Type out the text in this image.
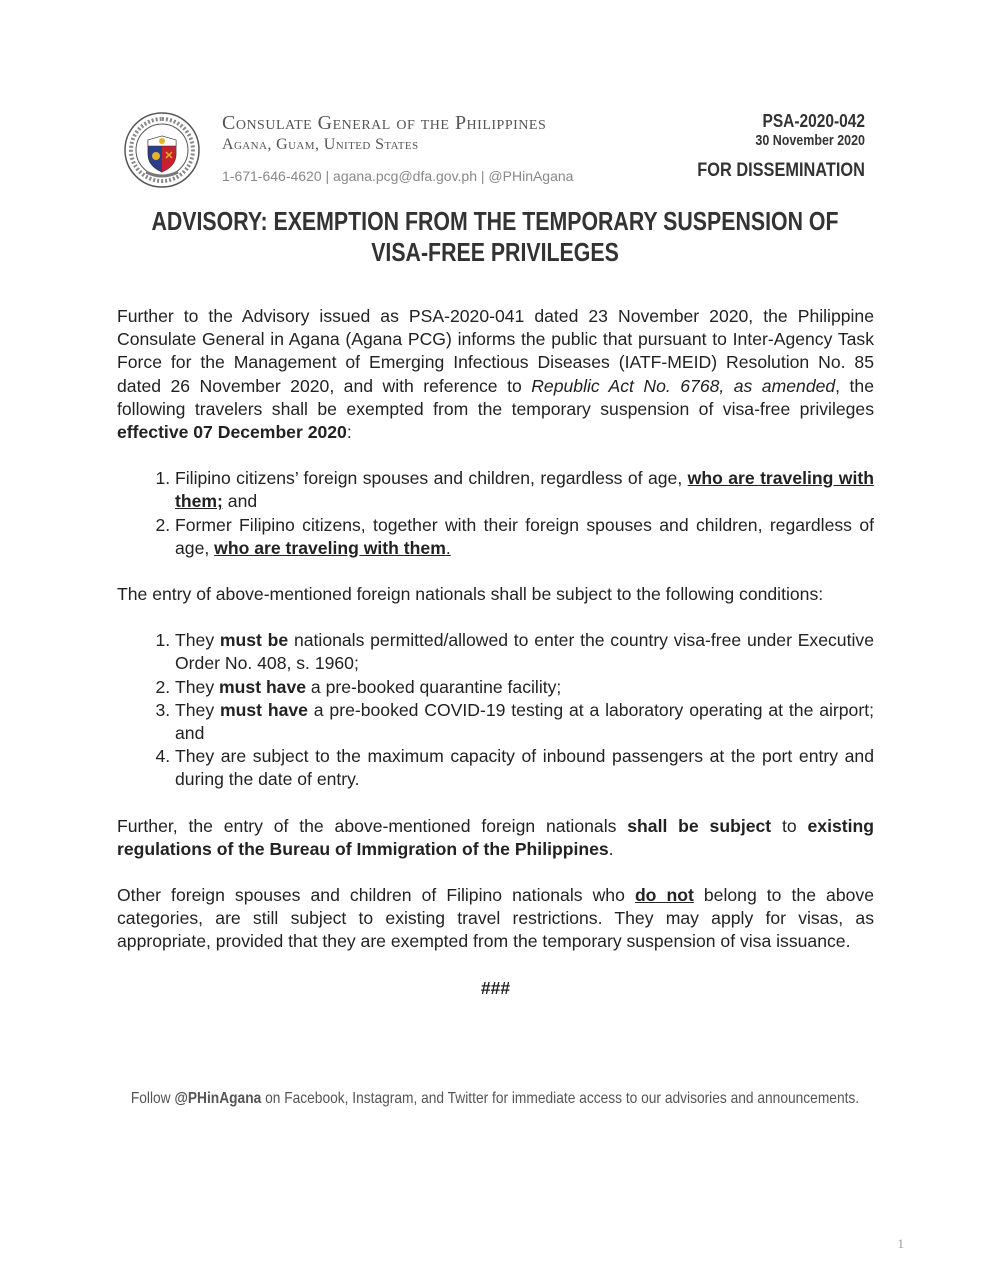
Consulate General of the Philippines
Agana, Guam, United States
1-671-646-4620 | agana.pcg@dfa.gov.ph | @PHinAgana
PSA-2020-042
30 November 2020
FOR DISSEMINATION
ADVISORY: EXEMPTION FROM THE TEMPORARY SUSPENSION OF
VISA-FREE PRIVILEGES

Further to the Advisory issued as PSA-2020-041 dated 23 November 2020, the Philippine Consulate General in Agana (Agana PCG) informs the public that pursuant to Inter-Agency Task Force for the Management of Emerging Infectious Diseases (IATF-MEID) Resolution No. 85 dated 26 November 2020, and with reference to Republic Act No. 6768, as amended, the following travelers shall be exempted from the temporary suspension of visa-free privileges effective 07 December 2020:

1. Filipino citizens’ foreign spouses and children, regardless of age, who are traveling with them; and
2. Former Filipino citizens, together with their foreign spouses and children, regardless of age, who are traveling with them.

The entry of above-mentioned foreign nationals shall be subject to the following conditions:

1. They must be nationals permitted/allowed to enter the country visa-free under Executive Order No. 408, s. 1960;
2. They must have a pre-booked quarantine facility;
3. They must have a pre-booked COVID-19 testing at a laboratory operating at the airport; and
4. They are subject to the maximum capacity of inbound passengers at the port entry and during the date of entry.

Further, the entry of the above-mentioned foreign nationals shall be subject to existing regulations of the Bureau of Immigration of the Philippines.

Other foreign spouses and children of Filipino nationals who do not belong to the above categories, are still subject to existing travel restrictions. They may apply for visas, as appropriate, provided that they are exempted from the temporary suspension of visa issuance.

###
Follow @PHinAgana on Facebook, Instagram, and Twitter for immediate access to our advisories and announcements.
1
